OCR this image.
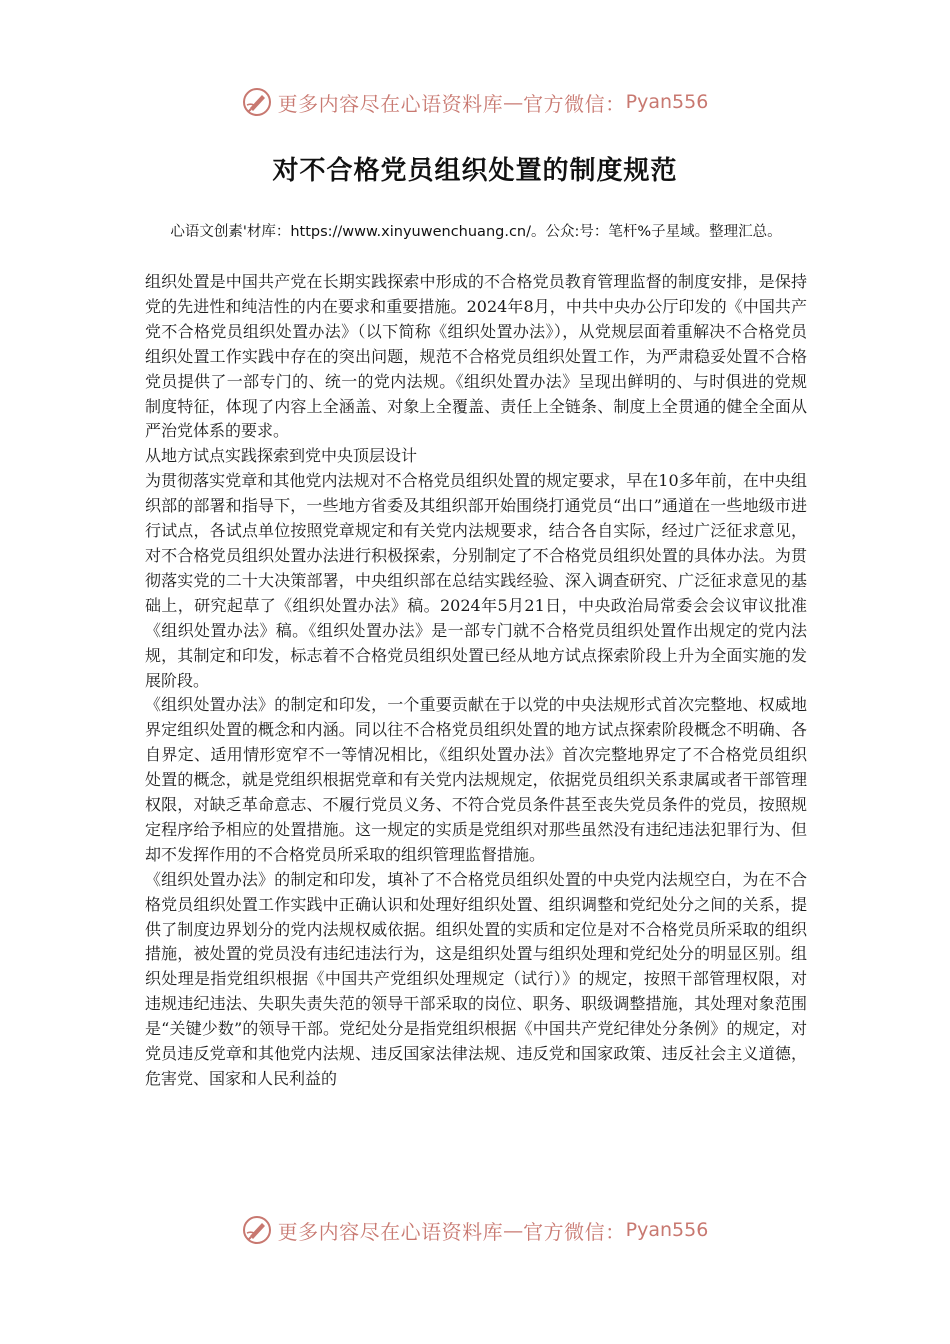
更多内容尽在心语资料库 — 官方微信： Pyan556
对不合格党员组织处置的制度规范
心语文创素'材库：https://www.xinyuwenchuang.cn/。公众:号：笔杆%子星域。整理汇总。

组织处置是中国共产党在长期实践探索中形成的不合格党员教育管理监督的制度安排，是保持党的先进性和纯洁性的内在要求和重要措施。2024年8月，中共中央办公厅印发的《中国共产党不合格党员组织处置办法》（以下简称《组织处置办法》），从党规层面着重解决不合格党员组织处置工作实践中存在的突出问题，规范不合格党员组织处置工作，为严肃稳妥处置不合格党员提供了一部专门的、统一的党内法规。《组织处置办法》呈现出鲜明的、与时俱进的党规制度特征，体现了内容上全涵盖、对象上全覆盖、责任上全链条、制度上全贯通的健全全面从严治党体系的要求。

从地方试点实践探索到党中央顶层设计

为贯彻落实党章和其他党内法规对不合格党员组织处置的规定要求，早在10多年前，在中央组织部的部署和指导下，一些地方省委及其组织部开始围绕打通党员“出口”通道在一些地级市进行试点，各试点单位按照党章规定和有关党内法规要求，结合各自实际，经过广泛征求意见，对不合格党员组织处置办法进行积极探索，分别制定了不合格党员组织处置的具体办法。为贯彻落实党的二十大决策部署，中央组织部在总结实践经验、深入调查研究、广泛征求意见的基础上，研究起草了《组织处置办法》稿。2024年5月21日，中央政治局常委会会议审议批准《组织处置办法》稿。《组织处置办法》是一部专门就不合格党员组织处置作出规定的党内法规，其制定和印发，标志着不合格党员组织处置已经从地方试点探索阶段上升为全面实施的发展阶段。

《组织处置办法》的制定和印发，一个重要贡献在于以党的中央法规形式首次完整地、权威地界定组织处置的概念和内涵。同以往不合格党员组织处置的地方试点探索阶段概念不明确、各自界定、适用情形宽窄不一等情况相比，《组织处置办法》首次完整地界定了不合格党员组织处置的概念，就是党组织根据党章和有关党内法规规定，依据党员组织关系隶属或者干部管理权限，对缺乏革命意志、不履行党员义务、不符合党员条件甚至丧失党员条件的党员，按照规定程序给予相应的处置措施。这一规定的实质是党组织对那些虽然没有违纪违法犯罪行为、但却不发挥作用的不合格党员所采取的组织管理监督措施。

《组织处置办法》的制定和印发，填补了不合格党员组织处置的中央党内法规空白，为在不合格党员组织处置工作实践中正确认识和处理好组织处置、组织调整和党纪处分之间的关系，提供了制度边界划分的党内法规权威依据。组织处置的实质和定位是对不合格党员所采取的组织措施，被处置的党员没有违纪违法行为，这是组织处置与组织处理和党纪处分的明显区别。组织处理是指党组织根据《中国共产党组织处理规定（试行）》的规定，按照干部管理权限，对违规违纪违法、失职失责失范的领导干部采取的岗位、职务、职级调整措施，其处理对象范围是“关键少数”的领导干部。党纪处分是指党组织根据《中国共产党纪律处分条例》的规定，对党员违反党章和其他党内法规、违反国家法律法规、违反党和国家政策、违反社会主义道德，危害党、国家和人民利益的

更多内容尽在心语资料库 — 官方微信： Pyan556
